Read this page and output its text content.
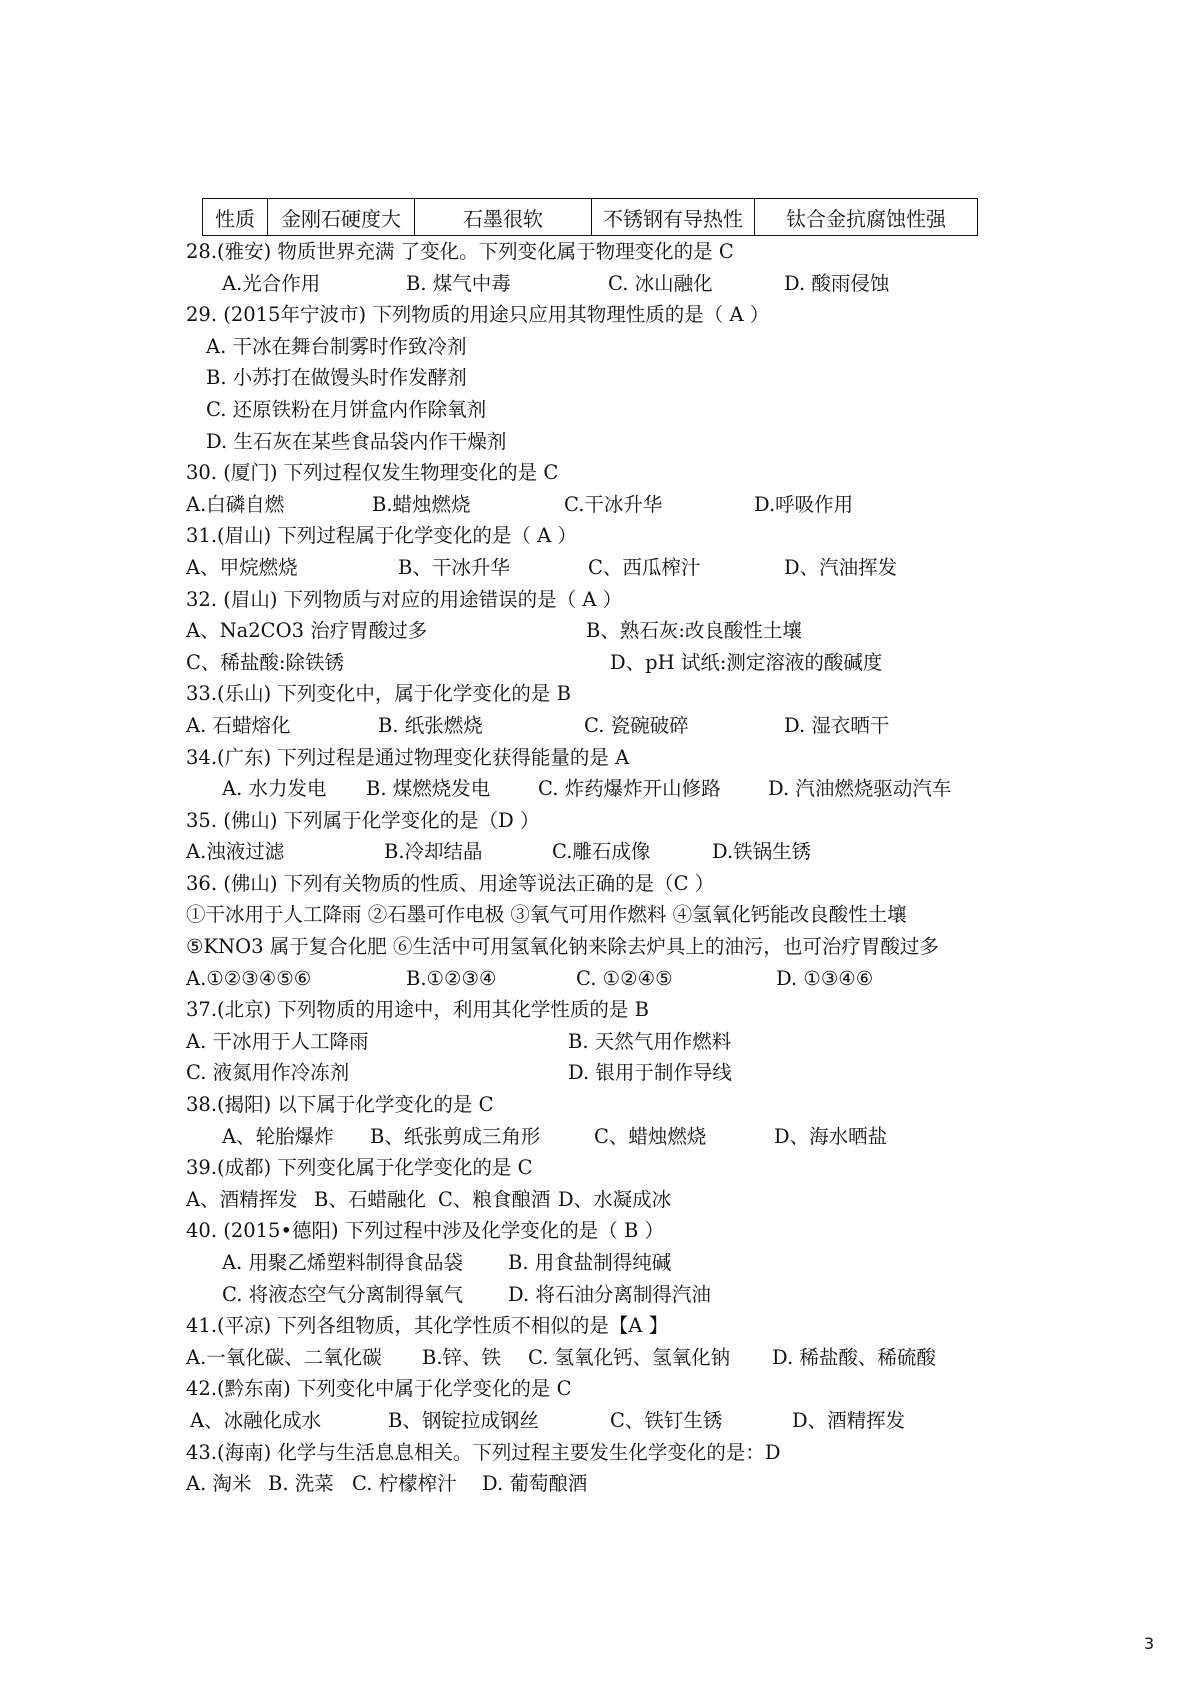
性质	金刚石硬度大	石墨很软	不锈钢有导热性	钛合金抗腐蚀性强
28.(雅安) 物质世界充满 了变化。下列变化属于物理变化的是 C
A.光合作用	B. 煤气中毒	C. 冰山融化	D. 酸雨侵蚀
29. (2015年宁波市) 下列物质的用途只应用其物理性质的是（ A ）
A. 干冰在舞台制雾时作致冷剂
B. 小苏打在做馒头时作发酵剂
C. 还原铁粉在月饼盒内作除氧剂
D. 生石灰在某些食品袋内作干燥剂
30. (厦门) 下列过程仅发生物理变化的是 C
A.白磷自燃	B.蜡烛燃烧	C.干冰升华	D.呼吸作用
31.(眉山) 下列过程属于化学变化的是（ A ）
A、甲烷燃烧	B、干冰升华	C、西瓜榨汁	D、汽油挥发
32. (眉山) 下列物质与对应的用途错误的是（ A ）
A、Na2CO3 治疗胃酸过多	B、熟石灰:改良酸性土壤
C、稀盐酸:除铁锈	D、pH 试纸:测定溶液的酸碱度
33.(乐山) 下列变化中，属于化学变化的是 B
A. 石蜡熔化	B. 纸张燃烧	C. 瓷碗破碎	D. 湿衣晒干
34.(广东) 下列过程是通过物理变化获得能量的是 A
A. 水力发电 B. 煤燃烧发电 C. 炸药爆炸开山修路 D. 汽油燃烧驱动汽车
35. (佛山) 下列属于化学变化的是（D ）
A.浊液过滤	B.冷却结晶	C.雕石成像	D.铁锅生锈
36. (佛山) 下列有关物质的性质、用途等说法正确的是（C ）
①干冰用于人工降雨 ②石墨可作电极 ③氧气可用作燃料 ④氢氧化钙能改良酸性土壤
⑤KNO3 属于复合化肥 ⑥生活中可用氢氧化钠来除去炉具上的油污，也可治疗胃酸过多
A.①②③④⑤⑥	B.①②③④	C. ①②④⑤	D. ①③④⑥
37.(北京) 下列物质的用途中，利用其化学性质的是 B
A. 干冰用于人工降雨	B. 天然气用作燃料
C. 液氮用作冷冻剂	D. 银用于制作导线
38.(揭阳) 以下属于化学变化的是 C
A、轮胎爆炸 B、纸张剪成三角形	C、蜡烛燃烧	D、海水晒盐
39.(成都) 下列变化属于化学变化的是 C
A、酒精挥发 B、石蜡融化 C、粮食酿酒 D、水凝成冰
40. (2015•德阳) 下列过程中涉及化学变化的是（ B ）
A. 用聚乙烯塑料制得食品袋 B. 用食盐制得纯碱
C. 将液态空气分离制得氧气 D. 将石油分离制得汽油
41.(平凉) 下列各组物质，其化学性质不相似的是【A 】
A.一氧化碳、二氧化碳 B.锌、铁 C. 氢氧化钙、氢氧化钠 D. 稀盐酸、稀硫酸
42.(黔东南) 下列变化中属于化学变化的是 C
A、冰融化成水	B、钢锭拉成钢丝	C、铁钉生锈	D、酒精挥发
43.(海南) 化学与生活息息相关。下列过程主要发生化学变化的是：D
A. 淘米 B. 洗菜 C. 柠檬榨汁 D. 葡萄酿酒
3
